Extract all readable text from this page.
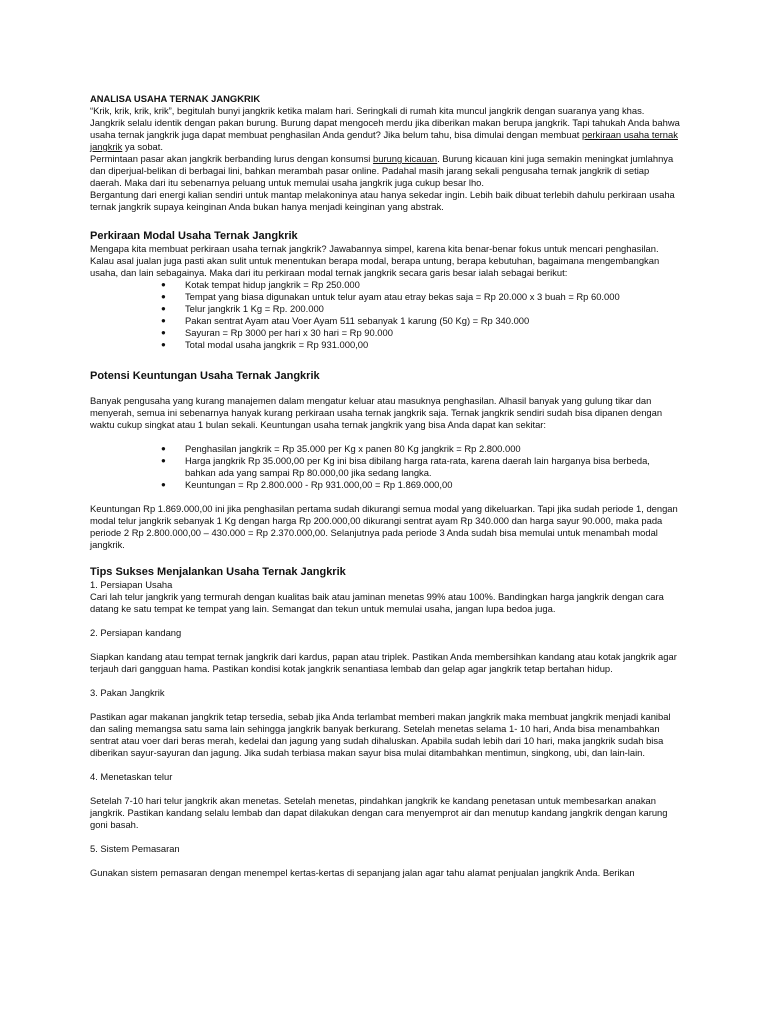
ANALISA USAHA TERNAK JANGKRIK

“Krik, krik, krik, krik”, begitulah bunyi jangkrik ketika malam hari. Seringkali di rumah kita muncul jangkrik dengan suaranya yang khas. Jangkrik selalu identik dengan pakan burung. Burung dapat mengoceh merdu jika diberikan makan berupa jangkrik. Tapi tahukah Anda bahwa usaha ternak jangkrik juga dapat membuat penghasilan Anda gendut? Jika belum tahu, bisa dimulai dengan membuat perkiraan usaha ternak jangkrik ya sobat.

Permintaan pasar akan jangkrik berbanding lurus dengan konsumsi burung kicauan. Burung kicauan kini juga semakin meningkat jumlahnya dan diperjual-belikan di berbagai lini, bahkan merambah pasar online. Padahal masih jarang sekali pengusaha ternak jangkrik di setiap daerah. Maka dari itu sebenarnya peluang untuk memulai usaha jangkrik juga cukup besar lho.

Bergantung dari energi kalian sendiri untuk mantap melakoninya atau hanya sekedar ingin. Lebih baik dibuat terlebih dahulu perkiraan usaha ternak jangkrik supaya keinginan Anda bukan hanya menjadi keinginan yang abstrak.

Perkiraan Modal Usaha Ternak Jangkrik

Mengapa kita membuat perkiraan usaha ternak jangkrik? Jawabannya simpel, karena kita benar-benar fokus untuk mencari penghasilan. Kalau asal jualan juga pasti akan sulit untuk menentukan berapa modal, berapa untung, berapa kebutuhan, bagaimana mengembangkan usaha, dan lain sebagainya. Maka dari itu perkiraan modal ternak jangkrik secara garis besar ialah sebagai berikut:

● Kotak tempat hidup jangkrik = Rp 250.000
● Tempat yang biasa digunakan untuk telur ayam atau etray bekas saja = Rp 20.000 x 3 buah = Rp 60.000
● Telur jangkrik 1 Kg = Rp. 200.000
● Pakan sentrat Ayam atau Voer Ayam 511 sebanyak 1 karung (50 Kg) = Rp 340.000
● Sayuran = Rp 3000 per hari x 30 hari = Rp 90.000
● Total modal usaha jangkrik = Rp 931.000,00
Potensi Keuntungan Usaha Ternak Jangkrik

Banyak pengusaha yang kurang manajemen dalam mengatur keluar atau masuknya penghasilan. Alhasil banyak yang gulung tikar dan menyerah, semua ini sebenarnya hanyak kurang perkiraan usaha ternak jangkrik saja. Ternak jangkrik sendiri sudah bisa dipanen dengan waktu cukup singkat atau 1 bulan sekali. Keuntungan usaha ternak jangkrik yang bisa Anda dapat kan sekitar:

● Penghasilan jangkrik = Rp 35.000 per Kg x panen 80 Kg jangkrik = Rp 2.800.000
● Harga jangkrik Rp 35.000,00 per Kg ini bisa dibilang harga rata-rata, karena daerah lain harganya bisa berbeda, bahkan ada yang sampai Rp 80.000,00 jika sedang langka.
● Keuntungan = Rp 2.800.000 - Rp 931.000,00 = Rp 1.869.000,00

Keuntungan Rp 1.869.000,00 ini jika penghasilan pertama sudah dikurangi semua modal yang dikeluarkan. Tapi jika sudah periode 1, dengan modal telur jangkrik sebanyak 1 Kg dengan harga Rp 200.000,00 dikurangi sentrat ayam Rp 340.000 dan harga sayur 90.000, maka pada periode 2 Rp 2.800.000,00 – 430.000 = Rp 2.370.000,00. Selanjutnya pada periode 3 Anda sudah bisa memulai untuk menambah modal jangkrik.

Tips Sukses Menjalankan Usaha Ternak Jangkrik

1. Persiapan Usaha

Cari lah telur jangkrik yang termurah dengan kualitas baik atau jaminan menetas 99% atau 100%. Bandingkan harga jangkrik dengan cara datang ke satu tempat ke tempat yang lain. Semangat dan tekun untuk memulai usaha, jangan lupa bedoa juga.

2. Persiapan kandang

Siapkan kandang atau tempat ternak jangkrik dari kardus, papan atau triplek. Pastikan Anda membersihkan kandang atau kotak jangkrik agar terjauh dari gangguan hama. Pastikan kondisi kotak jangkrik senantiasa lembab dan gelap agar jangkrik tetap bertahan hidup.

3. Pakan Jangkrik

Pastikan agar makanan jangkrik tetap tersedia, sebab jika Anda terlambat memberi makan jangkrik maka membuat jangkrik menjadi kanibal dan saling memangsa satu sama lain sehingga jangkrik banyak berkurang. Setelah menetas selama 1- 10 hari, Anda bisa menambahkan sentrat atau voer dari beras merah, kedelai dan jagung yang sudah dihaluskan. Apabila sudah lebih dari 10 hari, maka jangkrik sudah bisa diberikan sayur-sayuran dan jagung. Jika sudah terbiasa makan sayur bisa mulai ditambahkan mentimun, singkong, ubi, dan lain-lain.

4. Menetaskan telur

Setelah 7-10 hari telur jangkrik akan menetas. Setelah menetas, pindahkan jangkrik ke kandang penetasan untuk membesarkan anakan jangkrik. Pastikan kandang selalu lembab dan dapat dilakukan dengan cara menyemprot air dan menutup kandang jangkrik dengan karung goni basah.

5. Sistem Pemasaran

Gunakan sistem pemasaran dengan menempel kertas-kertas di sepanjang jalan agar tahu alamat penjualan jangkrik Anda. Berikan
